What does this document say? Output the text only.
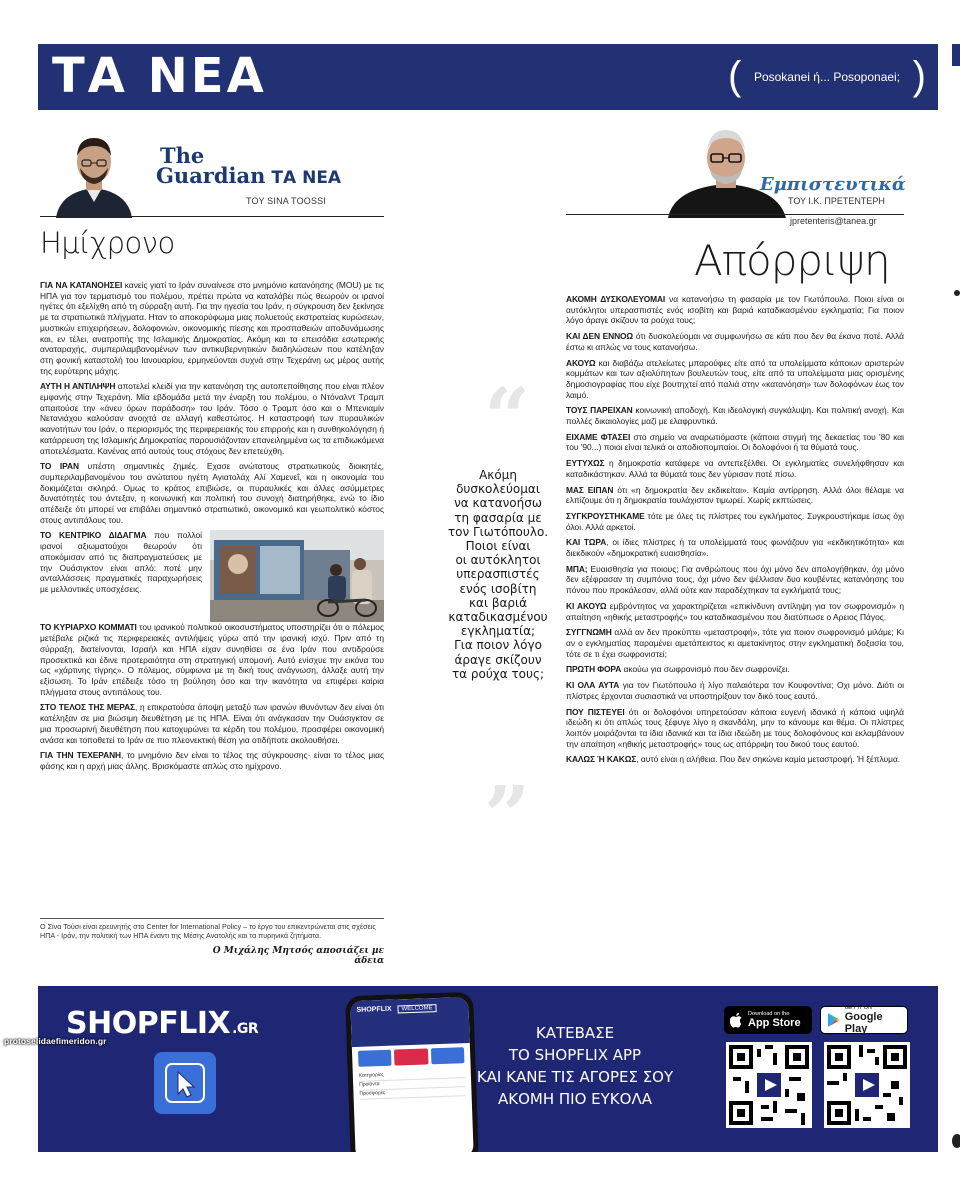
ΤΑ ΝΕΑ	( Posokanei ή... Posoponaei; )
The
Guardian ΤΑ ΝΕΑ
ΤΟΥ SINA TOOSSI
Ημίχρονο
Εμπιστευτικά
ΤΟΥ Ι.Κ. ΠΡΕΤΕΝΤΕΡΗ
jpretenteris@tanea.gr
Απόρριψη

ΓΙΑ ΝΑ ΚΑΤΑΝΟΗΣΕΙ κανείς γιατί το Ιράν συναίνεσε στο μνημόνιο κατανόησης (MOU) με τις ΗΠΑ για τον τερματισμό του πολέμου, πρέπει πρώτα να καταλάβει πώς θεωρούν οι ιρανοί ηγέτες ότι εξελίχθη από τη σύρραξη αυτή. Για την ηγεσία του Ιράν, η σύγκρουση δεν ξεκίνησε με τα στρατιωτικά πλήγματα. Ηταν το αποκορύφωμα μιας πολυετούς εκστρατείας κυρώσεων, μυστικών επιχειρήσεων, δολοφονιών, οικονομικής πίεσης και προσπαθειών αποδυνάμωσης και, εν τέλει, ανατροπής της Ισλαμικής Δημοκρατίας. Ακόμη και τα επεισόδια εσωτερικής αναταραχής, συμπεριλαμβανομένων των αντικυβερνητικών διαδηλώσεων που κατέληξαν στη φονική καταστολή του Ιανουαρίου, ερμηνεύονται συχνά στην Τεχεράνη ως μέρος αυτής της ευρύτερης μάχης.

ΑΥΤΗ Η ΑΝΤΙΛΗΨΗ αποτελεί κλειδί για την κατανόηση της αυτοπεποίθησης που είναι πλέον εμφανής στην Τεχεράνη. Μία εβδομάδα μετά την έναρξη του πολέμου, ο Ντόναλντ Τραμπ απαιτούσε την «άνευ όρων παράδοση» του Ιράν. Τόσο ο Τραμπ όσο και ο Μπενιαμίν Νετανιάχου καλούσαν ανοιχτά σε αλλαγή καθεστώτος. Η καταστροφή των πυραυλικών ικανοτήτων του Ιράν, ο περιορισμός της περιφερειακής του επιρροής και η συνθηκολόγηση ή κατάρρευση της Ισλαμικής Δημοκρατίας παρουσιάζονταν επανειλημμένα ως τα επιδιωκόμενα αποτελέσματα. Κανένας από αυτούς τους στόχους δεν επετεύχθη.

ΤΟ ΙΡΑΝ υπέστη σημαντικές ζημιές. Εχασε ανώτατους στρατιωτικούς διοικητές, συμπεριλαμβανομένου του ανώτατου ηγέτη Αγιατολάχ Αλί Χαμενεΐ, και η οικονομία του δοκιμάζεται σκληρά. Ομως το κράτος επιβιώσε, οι πυραυλικές και άλλες ασύμμετρες δυνατότητές του άντεξαν, η κοινωνική και πολιτική του συνοχή διατηρήθηκε, ενώ το ίδιο απέδειξε ότι μπορεί να επιβάλει σημαντικό στρατιωτικό, οικονομικό και γεωπολιτικό κόστος στους αντιπάλους του.

ΤΟ ΚΕΝΤΡΙΚΟ ΔΙΔΑΓΜΑ που πολλοί ιρανοί αξιωματούχοι θεωρούν ότι αποκόμισαν από τις διαπραγματεύσεις με την Ουάσιγκτον είναι απλό: ποτέ μην ανταλλάσσεις πραγματικές παραχωρήσεις με μελλοντικές υποσχέσεις.

ΤΟ ΚΥΡΙΑΡΧΟ ΚΟΜΜΑΤΙ του ιρανικού πολιτικού οικοσυστήματος υποστηρίζει ότι ο πόλεμος μετέβαλε ριζικά τις περιφερειακές αντιλήψεις γύρω από την ιρανική ισχύ. Πριν από τη σύρραξη, διατείνονται, Ισραήλ και ΗΠΑ είχαν συνηθίσει σε ένα Ιράν που αντιδρούσε προσεκτικά και έδινε προτεραιότητα στη στρατηγική υπομονή. Αυτό ενίσχυε την εικόνα του ως «χάρτινης τίγρης». Ο πόλεμος, σύμφωνα με τη δική τους ανάγνωση, άλλαξε αυτή την εξίσωση. Το Ιράν επέδειξε τόσο τη βούληση όσο και την ικανότητα να επιφέρει καίρια πλήγματα στους αντιπάλους του.

ΣΤΟ ΤΕΛΟΣ ΤΗΣ ΜΕΡΑΣ, η επικρατούσα άποψη μεταξύ των ιρανών ιθυνόντων δεν είναι ότι κατέληξαν σε μια βιώσιμη διευθέτηση με τις ΗΠΑ. Είναι ότι ανάγκασαν την Ουάσιγκτον σε μια προσωρινή διευθέτηση που κατοχυρώνει τα κέρδη του πολέμου, προσφέρει οικονομική ανάσα και τοποθετεί το Ιράν σε πιο πλεονεκτική θέση για οτιδήποτε ακολουθήσει.

ΓΙΑ ΤΗΝ ΤΕΧΕΡΑΝΗ, το μνημόνιο δεν είναι το τέλος της σύγκρουσης· είναι το τέλος μιας φάσης και η αρχή μιας άλλης. Βρισκόμαστε απλώς στο ημίχρονο.

Ο Σίνα Τούσι είναι ερευνητής στο Center for International Policy – το έργο του επικεντρώνεται στις σχέσεις ΗΠΑ - Ιράν, την πολιτική των ΗΠΑ έναντι της Μέσης Ανατολής και τα πυρηνικά ζητήματα.
Ο Μιχάλης Μητσός αποσιάζει με άδεια
“
”
Ακόμη
δυσκολεύομαι
να κατανοήσω
τη φασαρία με
τον Γιωτόπουλο.
Ποιοι είναι
οι αυτόκλητοι
υπερασπιστές
ενός ισοβίτη
και βαριά
καταδικασμένου
εγκληματία;
Για ποιον λόγο
άραγε σκίζουν
τα ρούχα τους;

ΑΚΟΜΗ ΔΥΣΚΟΛΕΥΟΜΑΙ να κατανοήσω τη φασαρία με τον Γιωτόπουλο. Ποιοι είναι οι αυτόκλητοι υπερασπιστές ενός ισοβίτη και βαριά καταδικασμένου εγκληματία; Για ποιον λόγο άραγε σκίζουν τα ρούχα τους;

ΚΑΙ ΔΕΝ ΕΝΝΟΩ ότι δυσκολεύομαι να συμφωνήσω σε κάτι που δεν θα έκανα ποτέ. Αλλά έστω κι απλώς να τους κατανοήσω.

ΑΚΟΥΩ και διαβάζω ατελείωτες μπαρούφες είτε από τα υπολείμματα κάποιων αριστερών κομμάτων και των αξιολύπητων βουλευτών τους, είτε από τα υπολείμματα μιας ορισμένης δημοσιογραφίας που είχε βουτηχτεί από παλιά στην «κατανόηση» των δολοφόνων έως τον λαιμό.

ΤΟΥΣ ΠΑΡΕΙΧΑΝ κοινωνική αποδοχή. Και ιδεολογική συγκάλυψη. Και πολιτική ανοχή. Και πολλές δικαιολογίες μαζί με ελαφρυντικά.

ΕΙΧΑΜΕ ΦΤΑΣΕΙ στο σημείο να αναρωτιόμαστε (κάποια στιγμή της δεκαετίας του '80 και του '90...) ποιοι είναι τελικά οι αποδιοπομπαίοι. Οι δολοφόνοι ή τα θύματά τους.

ΕΥΤΥΧΩΣ η δημοκρατία κατάφερε να αντεπεξέλθει. Οι εγκληματίες συνελήφθησαν και καταδικάστηκαν. Αλλά τα θύματά τους δεν γύρισαν ποτέ πίσω.

ΜΑΣ ΕΙΠΑΝ ότι «η δημοκρατία δεν εκδικείται». Καμία αντίρρηση. Αλλά όλοι θέλαμε να ελπίζουμε ότι η δημοκρατία τουλάχιστον τιμωρεί. Χωρίς εκπτώσεις.

ΣΥΓΚΡΟΥΣΤΗΚΑΜΕ τότε με όλες τις πλίστρες του εγκλήματος. Συγκρουστήκαμε ίσως όχι όλοι. Αλλά αρκετοί.

ΚΑΙ ΤΩΡΑ, οι ίδιες πλίστρες ή τα υπολείμματά τους φωνάζουν για «εκδικητικότητα» και διεκδικούν «δημοκρατική ευαισθησία».

ΜΠΑ; Ευαισθησία για ποιους; Για ανθρώπους που όχι μόνο δεν απολογήθηκαν, όχι μόνο δεν εξέφρασαν τη συμπόνια τους, όχι μόνο δεν ψέλλισαν δυο κουβέντες κατανόησης του πόνου που προκάλεσαν, αλλά ούτε καν παραδέχτηκαν τα εγκλήματά τους;

ΚΙ ΑΚΟΥΩ εμβρόντητος να χαρακτηρίζεται «επικίνδυνη αντίληψη για τον σωφρονισμό» η απαίτηση «ηθικής μεταστροφής» του καταδικασμένου που διατύπωσε ο Αρειος Πάγος.

ΣΥΓΓΝΩΜΗ αλλά αν δεν προκύπτει «μεταστροφή», τότε για ποιον σωφρονισμό μιλάμε; Κι αν ο εγκληματίας παραμένει αμετάπειστος κι αμετακίνητος στην εγκληματική δοξασία του, τότε σε τι έχει σωφρονιστεί;

ΠΡΩΤΗ ΦΟΡΑ ακούω για σωφρονισμό που δεν σωφρονίζει.

ΚΙ ΟΛΑ ΑΥΤΑ για τον Γιωτόπουλο ή λίγο παλαιότερα τον Κουφοντίνα; Οχι μόνο. Διότι οι πλίστρες έρχονται συσιαστικά να υποστηρίξουν τον δικό τους εαυτό.

ΠΟΥ ΠΙΣΤΕΥΕΙ ότι οι δολοφόνοι υπηρετούσαν κάποια ευγενή ιδανικά ή κάποια υψηλά ιδεώδη κι ότι απλώς τους ξέφυγε λίγο η σκανδάλη, μην το κάνουμε και θέμα. Οι πλίστρες λοιπόν μοιράζονται τα ίδια ιδανικά και τα ίδια ιδεώδη με τους δολοφόνους και εκλαμβάνουν την απαίτηση «ηθικής μεταστροφής» τους ως απόρριψη του δικού τους εαυτού.

ΚΑΛΩΣ Ή ΚΑΚΩΣ, αυτό είναι η αλήθεια. Που δεν σηκώνει καμία μεταστροφή. Ή ξέπλυμα.

SHOPFLIX .GR
SHOPFLIX WELCOME
Κατηγορίες
Προϊόντα
Προσφορές
ΚΑΤΕΒΑΣΕ
ΤΟ SHOPFLIX APP
ΚΑΙ ΚΑΝΕ ΤΙΣ ΑΓΟΡΕΣ ΣΟΥ
ΑΚΟΜΗ ΠΙΟ ΕΥΚΟΛΑ
Download on the
App Store
GET IT ON
Google Play
protoselidaefimeridon.gr
